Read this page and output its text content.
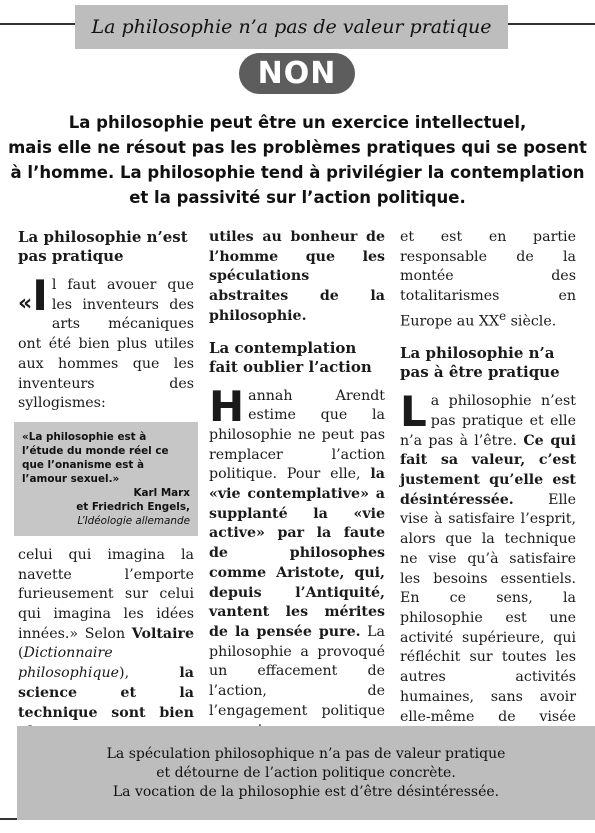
La philosophie n’a pas de valeur pratique
NON
La philosophie peut être un exercice intellectuel,
mais elle ne résout pas les problèmes pratiques qui se posent
à l’homme. La philosophie tend à privilégier la contemplation
et la passivité sur l’action politique.
La philosophie n’est pas pratique

«I l faut avouer que les inventeurs des arts mécaniques ont été bien plus utiles aux hommes que les inventeurs des syllogismes:

«La philosophie est à l’étude du monde réel ce que l’onanisme est à l’amour sexuel.»
Karl Marx
et Friedrich Engels,
L’Idéologie allemande

celui qui imagina la navette l’emporte furieusement sur celui qui imagina les idées innées.» Selon Voltaire (Dictionnaire philosophique), la science et la technique sont bien

utiles au bonheur de l’homme que les spéculations abstraites de la philosophie.

La contemplation fait oublier l’action

Hannah Arendt estime que la philosophie ne peut pas remplacer l’action politique. Pour elle, la «vie contemplative» a supplanté la «vie active» par la faute de philosophes comme Aristote, qui, depuis l’Antiquité, vantent les mérites de la pensée pure. La philosophie a provoqué un effacement de l’action, de l’engagement politique

et est en partie responsable de la montée des totalitarismes en Europe au XXe siècle.

La philosophie n’a pas à être pratique

La philosophie n’est pas pratique et elle n’a pas à l’être. Ce qui fait sa valeur, c’est justement qu’elle est désintéressée. Elle vise à satisfaire l’esprit, alors que la technique ne vise qu’à satisfaire les besoins essentiels. En ce sens, la philosophie est une activité supérieure, qui réfléchit sur toutes les autres activités humaines, sans avoir elle-même de visée

La spéculation philosophique n’a pas de valeur pratique
et détourne de l’action politique concrète.
La vocation de la philosophie est d’être désintéressée.
